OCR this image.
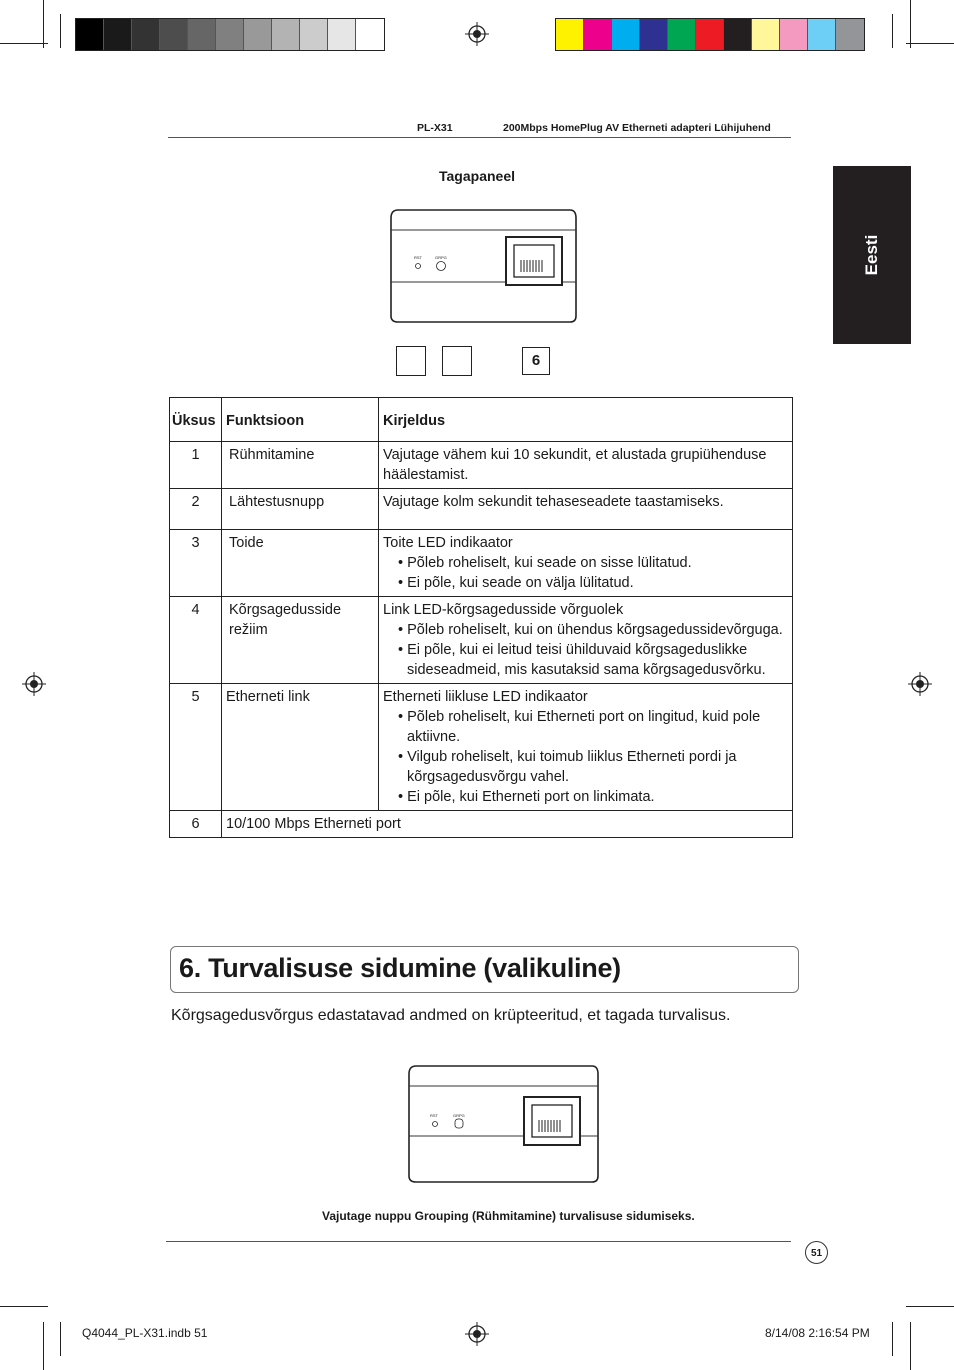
PL-X31	200Mbps HomePlug AV Etherneti adapteri Lühijuhend
Eesti
Tagapaneel
RST	GRPG
6
Üksus	Funktsioon	Kirjeldus
1	Rühmitamine	Vajutage vähem kui 10 sekundit, et alustada grupiühenduse häälestamist.

2	Lähtestusnupp	Vajutage kolm sekundit tehaseseadete taastamiseks.

3	Toide	Toite LED indikaator
• Põleb roheliselt, kui seade on sisse lülitatud.
• Ei põle, kui seade on välja lülitatud.

4	Kõrgsagedusside režiim	Link LED-kõrgsagedusside võrguolek
• Põleb roheliselt, kui on ühendus kõrgsagedussidevõrguga.
• Ei põle, kui ei leitud teisi ühilduvaid kõrgsageduslikke sideseadmeid, mis kasutaksid sama kõrgsagedusvõrku.

5	Etherneti link	Etherneti liikluse LED indikaator
• Põleb roheliselt, kui Etherneti port on lingitud, kuid pole aktiivne.
• Vilgub roheliselt, kui toimub liiklus Etherneti pordi ja kõrgsagedusvõrgu vahel.
• Ei põle, kui Etherneti port on linkimata.

6	10/100 Mbps Etherneti port	
6. Turvalisuse sidumine (valikuline)
Kõrgsagedusvõrgus edastatavad andmed on krüpteeritud, et tagada turvalisus.
RST	GRPG
Vajutage nuppu Grouping (Rühmitamine) turvalisuse sidumiseks.
51
Q4044_PL-X31.indb 51	8/14/08 2:16:54 PM
